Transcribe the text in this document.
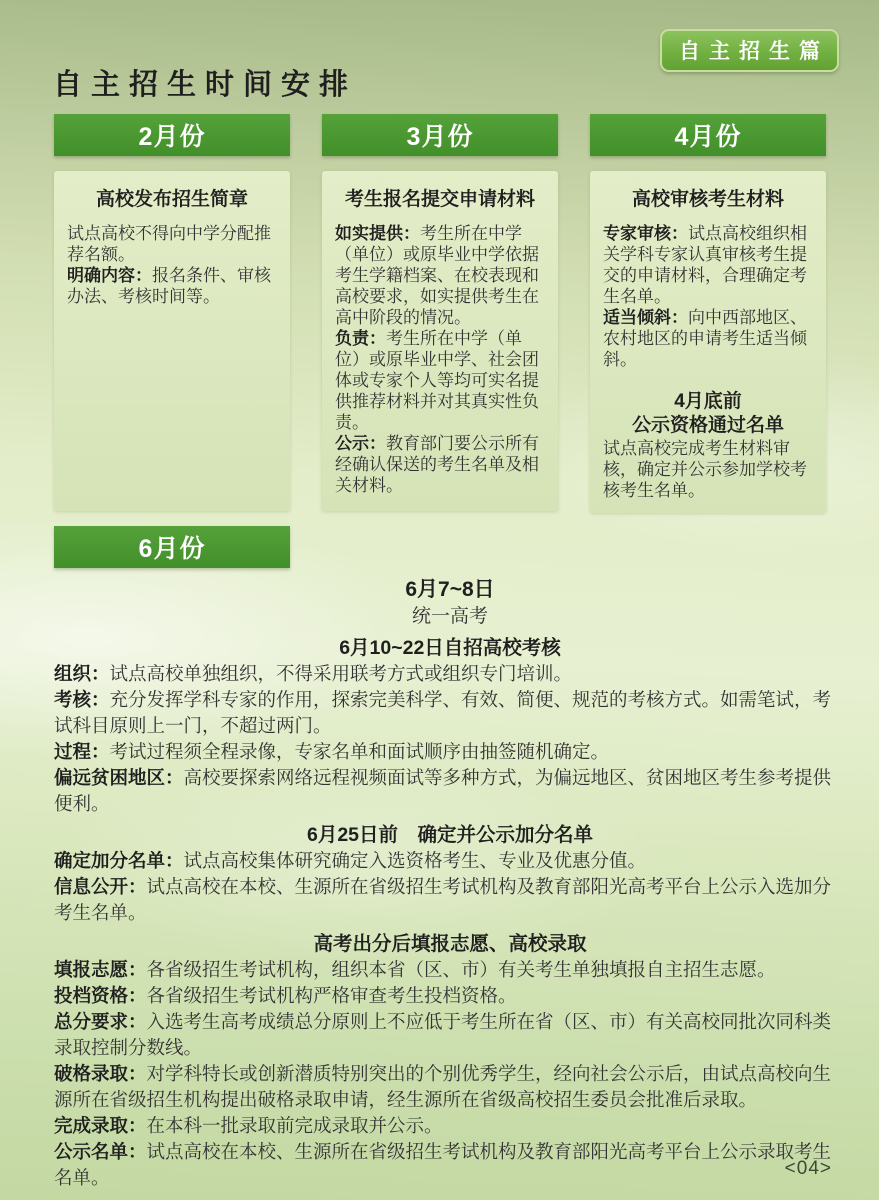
自主招生篇
自主招生时间安排
2月份
高校发布招生简章

试点高校不得向中学分配推荐名额。

明确内容：报名条件、审核办法、考核时间等。

3月份
考生报名提交申请材料

如实提供：考生所在中学（单位）或原毕业中学依据考生学籍档案、在校表现和高校要求，如实提供考生在高中阶段的情况。

负责：考生所在中学（单位）或原毕业中学、社会团体或专家个人等均可实名提供推荐材料并对其真实性负责。

公示：教育部门要公示所有经确认保送的考生名单及相关材料。

4月份
高校审核考生材料

专家审核：试点高校组织相关学科专家认真审核考生提交的申请材料，合理确定考生名单。

适当倾斜：向中西部地区、农村地区的申请考生适当倾斜。

4月底前

公示资格通过名单

试点高校完成考生材料审核，确定并公示参加学校考核考生名单。

6月份

6月7~8日

统一高考

6月10~22日自招高校考核

组织：试点高校单独组织，不得采用联考方式或组织专门培训。

考核：充分发挥学科专家的作用，探索完美科学、有效、简便、规范的考核方式。如需笔试，考试科目原则上一门，不超过两门。

过程：考试过程须全程录像，专家名单和面试顺序由抽签随机确定。

偏远贫困地区：高校要探索网络远程视频面试等多种方式，为偏远地区、贫困地区考生参考提供便利。

6月25日前　确定并公示加分名单

确定加分名单：试点高校集体研究确定入选资格考生、专业及优惠分值。

信息公开：试点高校在本校、生源所在省级招生考试机构及教育部阳光高考平台上公示入选加分考生名单。

高考出分后填报志愿、高校录取

填报志愿：各省级招生考试机构，组织本省（区、市）有关考生单独填报自主招生志愿。

投档资格：各省级招生考试机构严格审查考生投档资格。

总分要求：入选考生高考成绩总分原则上不应低于考生所在省（区、市）有关高校同批次同科类录取控制分数线。

破格录取：对学科特长或创新潜质特别突出的个别优秀学生，经向社会公示后，由试点高校向生源所在省级招生机构提出破格录取申请，经生源所在省级高校招生委员会批准后录取。

完成录取：在本科一批录取前完成录取并公示。

公示名单：试点高校在本校、生源所在省级招生考试机构及教育部阳光高考平台上公示录取考生名单。	<04>
